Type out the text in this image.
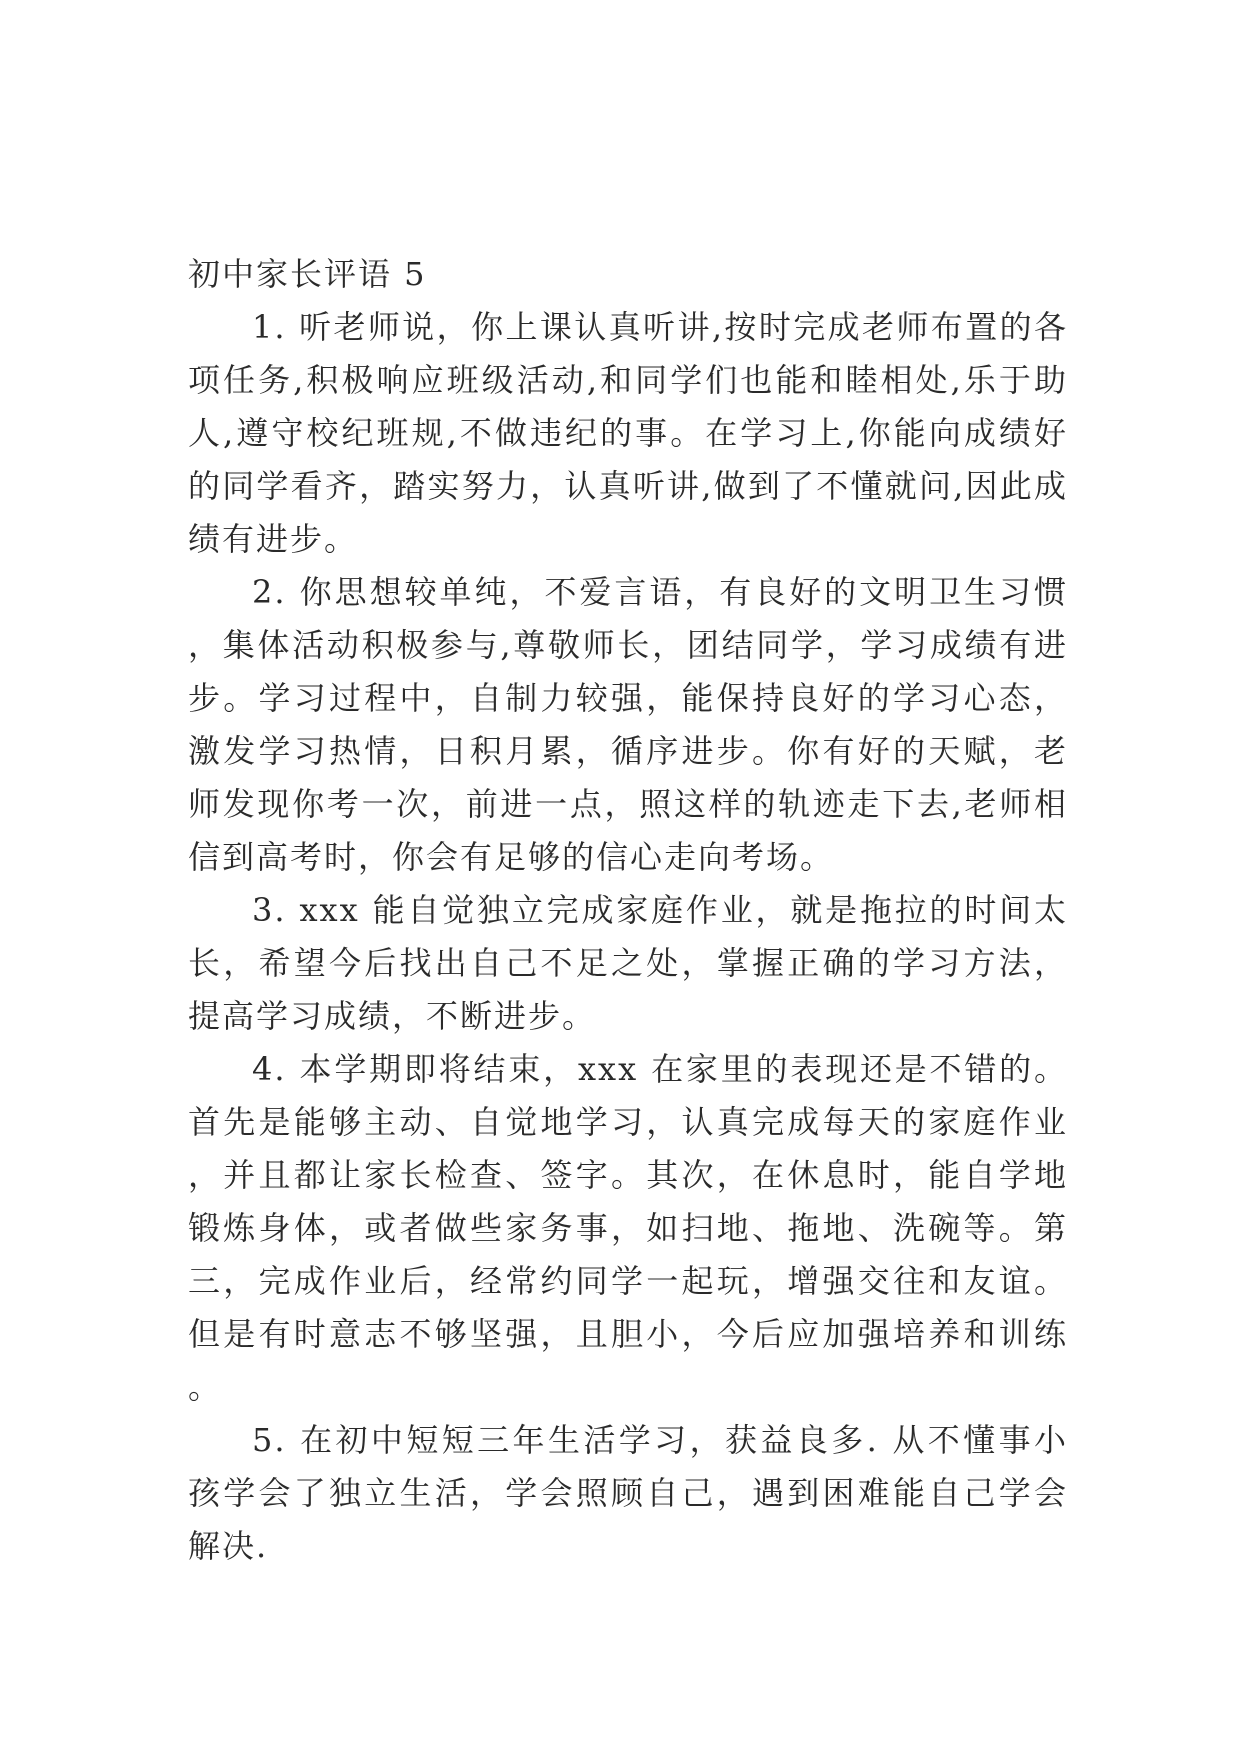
初中家长评语 5

1. 听老师说，你上课认真听讲,按时完成老师布置的各项任务,积极响应班级活动,和同学们也能和睦相处,乐于助人,遵守校纪班规,不做违纪的事。在学习上,你能向成绩好的同学看齐，踏实努力，认真听讲,做到了不懂就问,因此成绩有进步。

2. 你思想较单纯，不爱言语，有良好的文明卫生习惯，集体活动积极参与,尊敬师长，团结同学，学习成绩有进步。学习过程中，自制力较强，能保持良好的学习心态，激发学习热情，日积月累，循序进步。你有好的天赋，老师发现你考一次，前进一点，照这样的轨迹走下去,老师相信到高考时，你会有足够的信心走向考场。

3. xxx 能自觉独立完成家庭作业，就是拖拉的时间太长，希望今后找出自己不足之处，掌握正确的学习方法，提高学习成绩，不断进步。

4. 本学期即将结束，xxx 在家里的表现还是不错的。首先是能够主动、自觉地学习，认真完成每天的家庭作业，并且都让家长检查、签字。其次，在休息时，能自学地锻炼身体，或者做些家务事，如扫地、拖地、洗碗等。第三，完成作业后，经常约同学一起玩，增强交往和友谊。但是有时意志不够坚强，且胆小，今后应加强培养和训练。

5. 在初中短短三年生活学习，获益良多. 从不懂事小孩学会了独立生活，学会照顾自己，遇到困难能自己学会解决.
